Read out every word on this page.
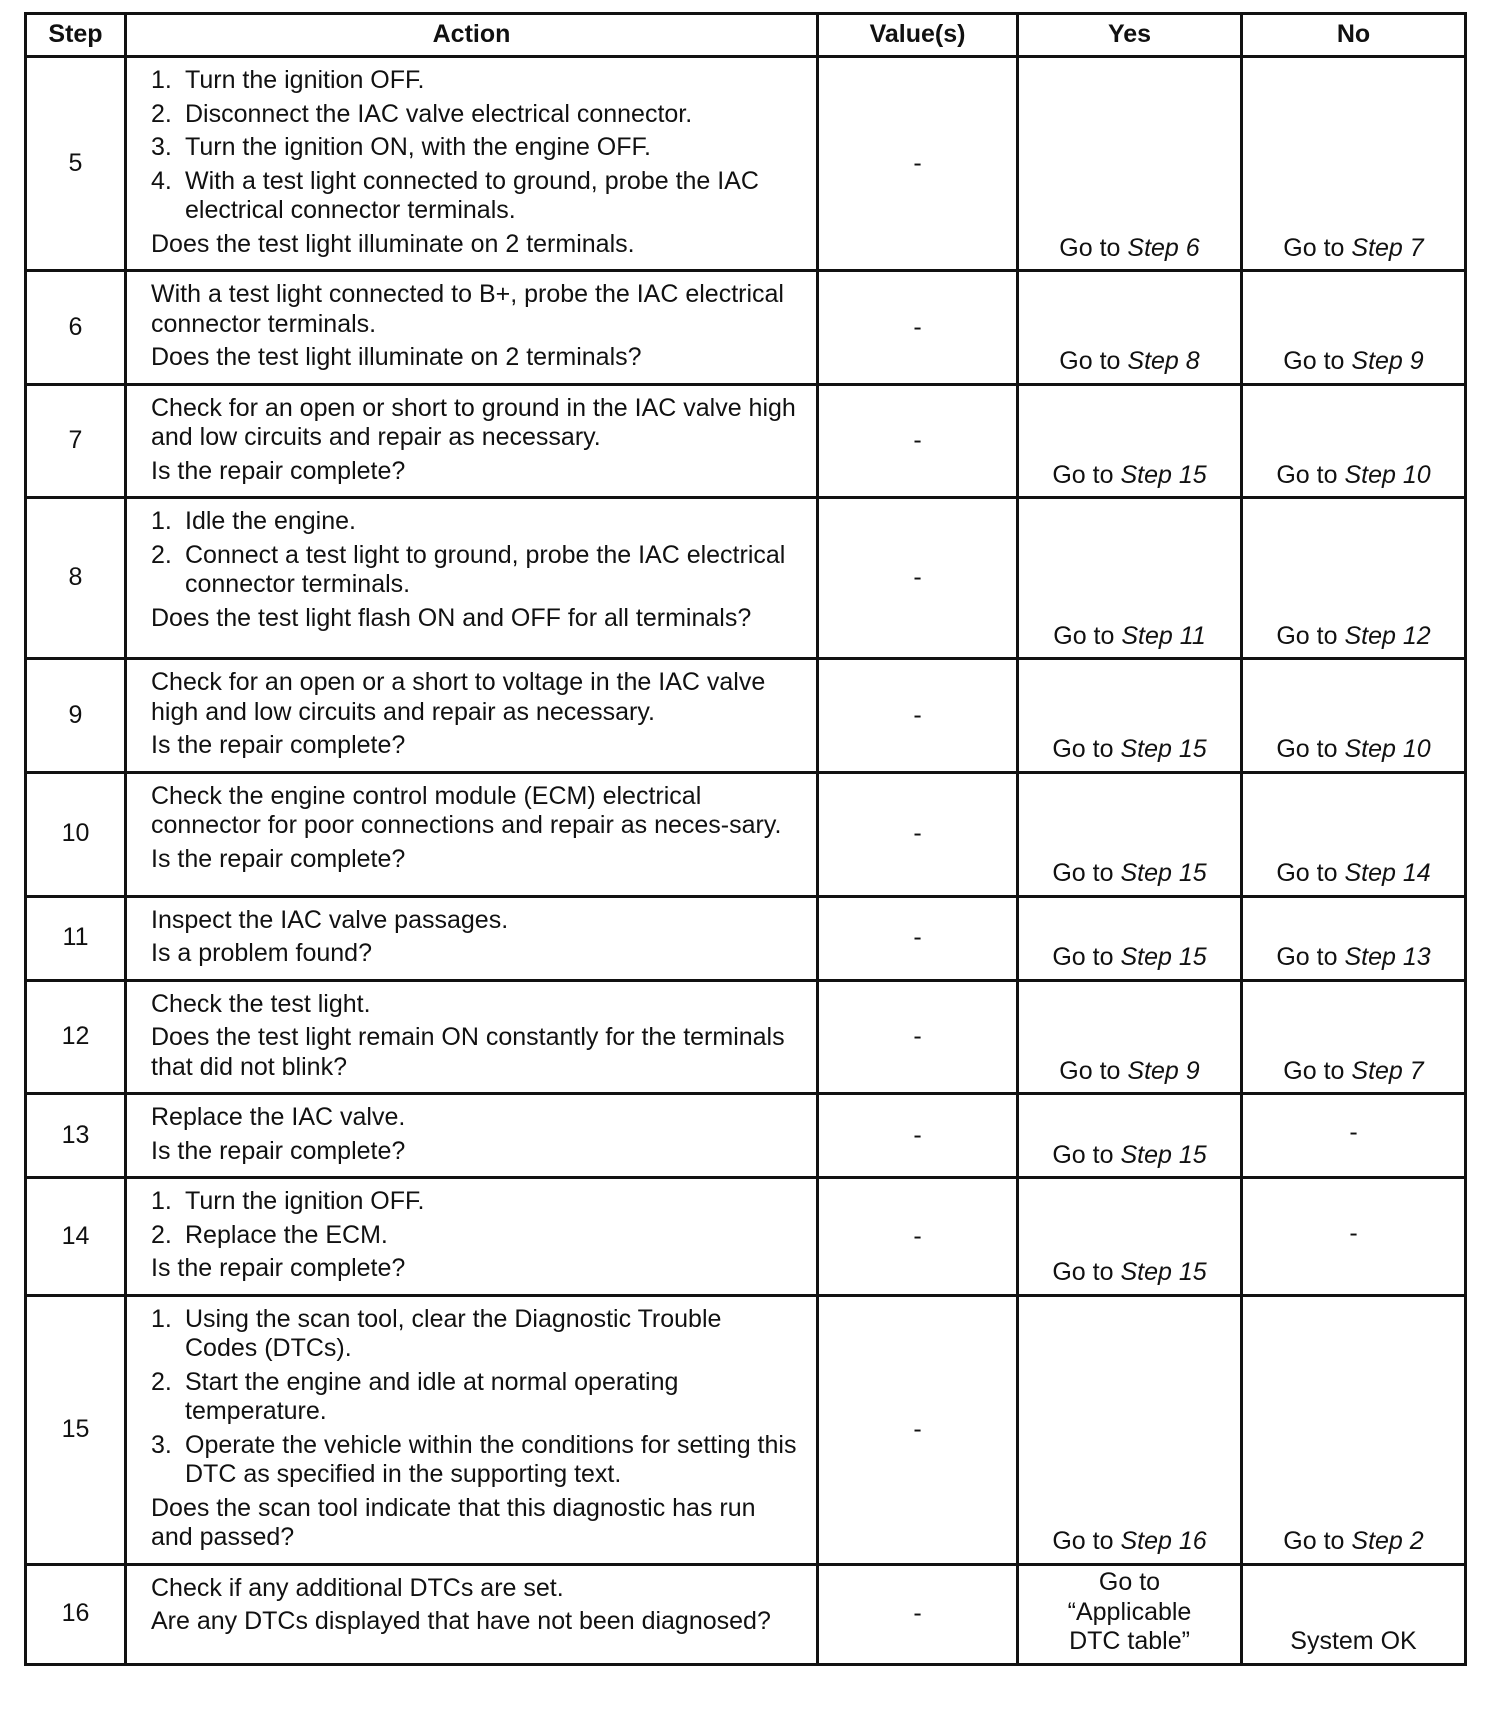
Step	Action	Value(s)	Yes	No
5	1. Turn the ignition OFF.
2. Disconnect the IAC valve electrical connector.
3. Turn the ignition ON, with the engine OFF.
4. With a test light connected to ground, probe the IAC electrical connector terminals.
Does the test light illuminate on 2 terminals.	-	Go to Step 6	Go to Step 7
6	With a test light connected to B+, probe the IAC electrical connector terminals.
Does the test light illuminate on 2 terminals?	-	Go to Step 8	Go to Step 9
7	Check for an open or short to ground in the IAC valve high and low circuits and repair as necessary.
Is the repair complete?	-	Go to Step 15	Go to Step 10
8	1. Idle the engine.
2. Connect a test light to ground, probe the IAC electrical connector terminals.
Does the test light flash ON and OFF for all terminals?	-	Go to Step 11	Go to Step 12
9	Check for an open or a short to voltage in the IAC valve high and low circuits and repair as necessary.
Is the repair complete?	-	Go to Step 15	Go to Step 10
10	Check the engine control module (ECM) electrical connector for poor connections and repair as neces-sary.
Is the repair complete?	-	Go to Step 15	Go to Step 14
11	Inspect the IAC valve passages.
Is a problem found?	-	Go to Step 15	Go to Step 13
12	Check the test light.
Does the test light remain ON constantly for the terminals that did not blink?	-	Go to Step 9	Go to Step 7
13	Replace the IAC valve.
Is the repair complete?	-	Go to Step 15	-
14	1. Turn the ignition OFF.
2. Replace the ECM.
Is the repair complete?	-	Go to Step 15	-
15	1. Using the scan tool, clear the Diagnostic Trouble Codes (DTCs).
2. Start the engine and idle at normal operating temperature.
3. Operate the vehicle within the conditions for setting this DTC as specified in the supporting text.
Does the scan tool indicate that this diagnostic has run and passed?	-	Go to Step 16	Go to Step 2
16	Check if any additional DTCs are set.
Are any DTCs displayed that have not been diagnosed?	-	Go to
“Applicable
DTC table”	System OK
